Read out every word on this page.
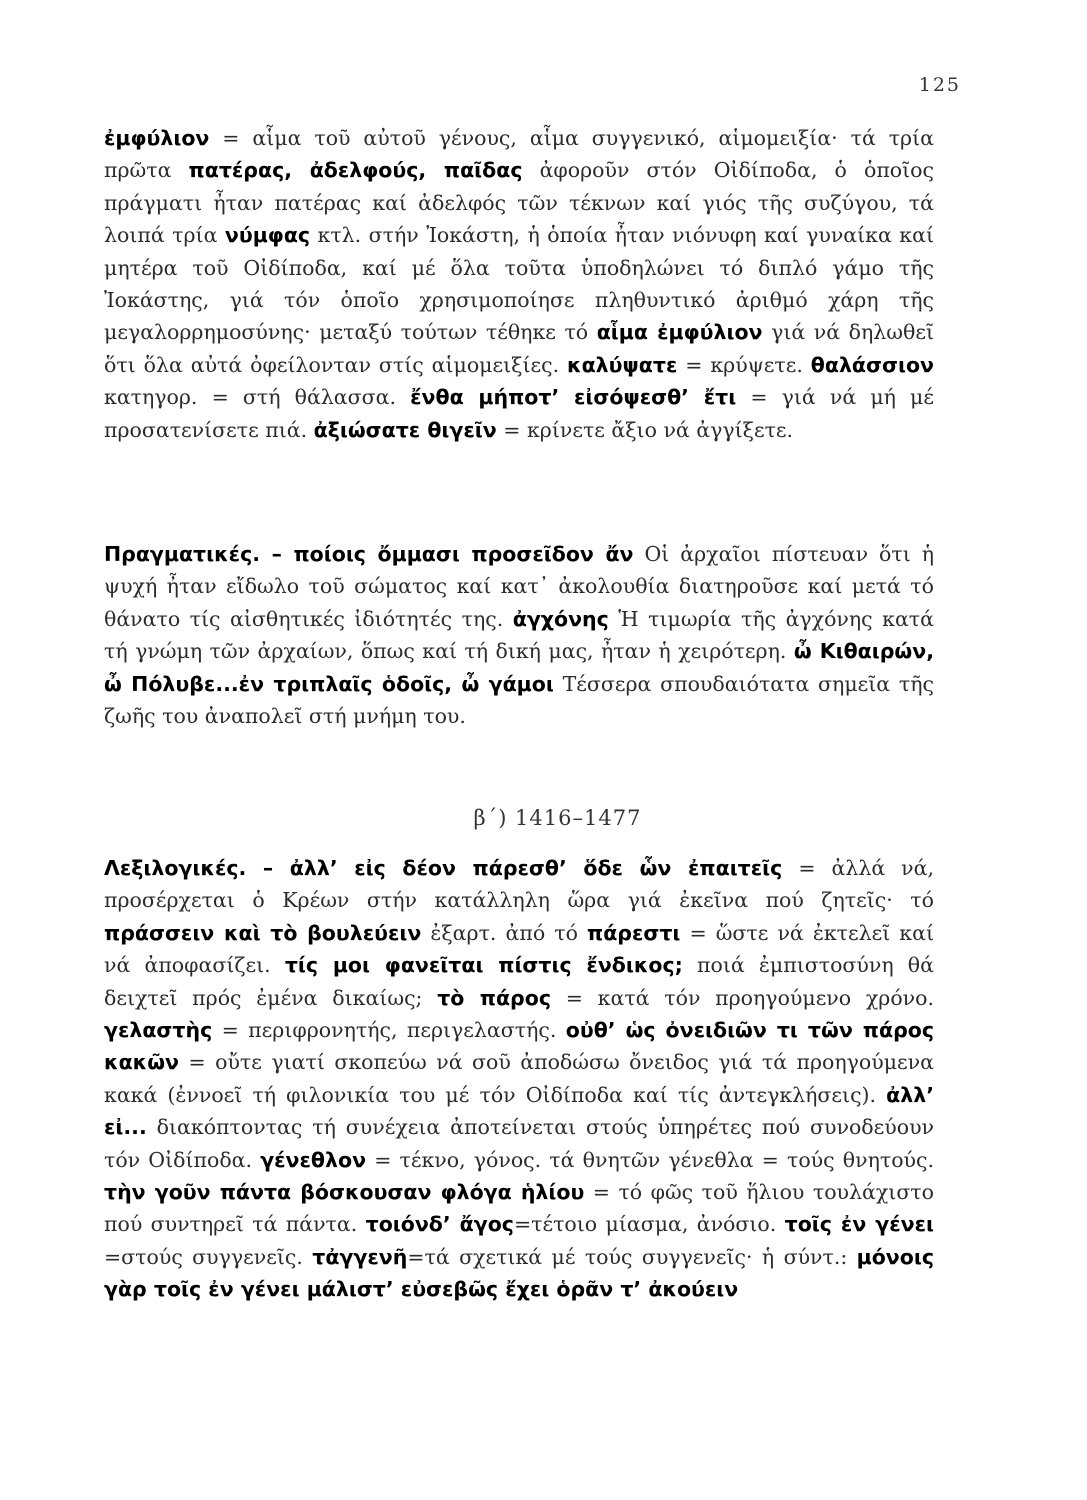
125
ἐμφύλιον = αἷμα τοῦ αὐτοῦ γένους, αἷμα συγγενικό, αἱμομειξία· τά τρία πρῶτα πατέρας, ἀδελφούς, παῖδας ἀφοροῦν στόν Οἰδίποδα, ὁ ὁποῖος πράγματι ἦταν πατέρας καί ἀδελφός τῶν τέκνων καί γιός τῆς συζύγου, τά λοιπά τρία νύμφας κτλ. στήν Ἰοκάστη, ἡ ὁποία ἦταν νιόνυφη καί γυναίκα καί μητέρα τοῦ Οἰδίποδα, καί μέ ὅλα τοῦτα ὑποδηλώνει τό διπλό γάμο τῆς Ἰοκάστης, γιά τόν ὁποῖο χρησιμοποίησε πληθυντικό ἀριθμό χάρη τῆς μεγαλορρημοσύνης· μεταξύ τούτων τέθηκε τό αἷμα ἐμφύλιον γιά νά δηλωθεῖ ὅτι ὅλα αὐτά ὀφείλονταν στίς αἱμομειξίες. καλύψατε = κρύψετε. θαλάσσιον κατηγορ. = στή θάλασσα. ἔνθα μήποτ’ εἰσόψεσθ’ ἔτι = γιά νά μή μέ προσατενίσετε πιά. ἀξιώσατε θιγεῖν = κρίνετε ἄξιο νά ἀγγίξετε.
Πραγματικές. – ποίοις ὄμμασι προσεῖδον ἄν Οἱ ἀρχαῖοι πίστευαν ὅτι ἡ ψυχή ἦταν εἴδωλο τοῦ σώματος καί κατ᾽ ἀκολουθία διατηροῦσε καί μετά τό θάνατο τίς αἰσθητικές ἰδιότητές της. ἀγχόνης Ἡ τιμωρία τῆς ἀγχόνης κατά τή γνώμη τῶν ἀρχαίων, ὅπως καί τή δική μας, ἦταν ἡ χειρότερη. ὦ Κιθαιρών, ὦ Πόλυβε...ἐν τριπλαῖς ὁδοῖς, ὦ γάμοι Τέσσερα σπουδαιότατα σημεῖα τῆς ζωῆς του ἀναπολεῖ στή μνήμη του.
β΄) 1416–1477
Λεξιλογικές. – ἀλλ’ εἰς δέον πάρεσθ’ ὅδε ὧν ἐπαιτεῖς = ἀλλά νά, προσέρχεται ὁ Κρέων στήν κατάλληλη ὥρα γιά ἐκεῖνα πού ζητεῖς· τό πράσσειν καὶ τὸ βουλεύειν ἐξαρτ. ἀπό τό πάρεστι = ὥστε νά ἐκτελεῖ καί νά ἀποφασίζει. τίς μοι φανεῖται πίστις ἔνδικος; ποιά ἐμπιστοσύνη θά δειχτεῖ πρός ἐμένα δικαίως; τὸ πάρος = κατά τόν προηγούμενο χρόνο. γελαστὴς = περιφρονητής, περιγελαστής. οὐθ’ ὡς ὀνειδιῶν τι τῶν πάρος κακῶν = οὔτε γιατί σκοπεύω νά σοῦ ἀποδώσω ὄνειδος γιά τά προηγούμενα κακά (ἐννοεῖ τή φιλονικία του μέ τόν Οἰδίποδα καί τίς ἀντεγκλήσεις). ἀλλ’ εἰ... διακόπτοντας τή συνέχεια ἀποτείνεται στούς ὑπηρέτες πού συνοδεύουν τόν Οἰδίποδα. γένεθλον = τέκνο, γόνος. τά θνητῶν γένεθλα = τούς θνητούς. τὴν γοῦν πάντα βόσκουσαν φλόγα ἡλίου = τό φῶς τοῦ ἥλιου τουλάχιστο πού συντηρεῖ τά πάντα. τοιόνδ’ ἄγος=τέτοιο μίασμα, ἀνόσιο. τοῖς ἐν γένει =στούς συγγενεῖς. τἀγγενῆ=τά σχετικά μέ τούς συγγενεῖς· ἡ σύντ.: μόνοις γὰρ τοῖς ἐν γένει μάλιστ’ εὐσεβῶς ἔχει ὁρᾶν τ’ ἀκούειν
